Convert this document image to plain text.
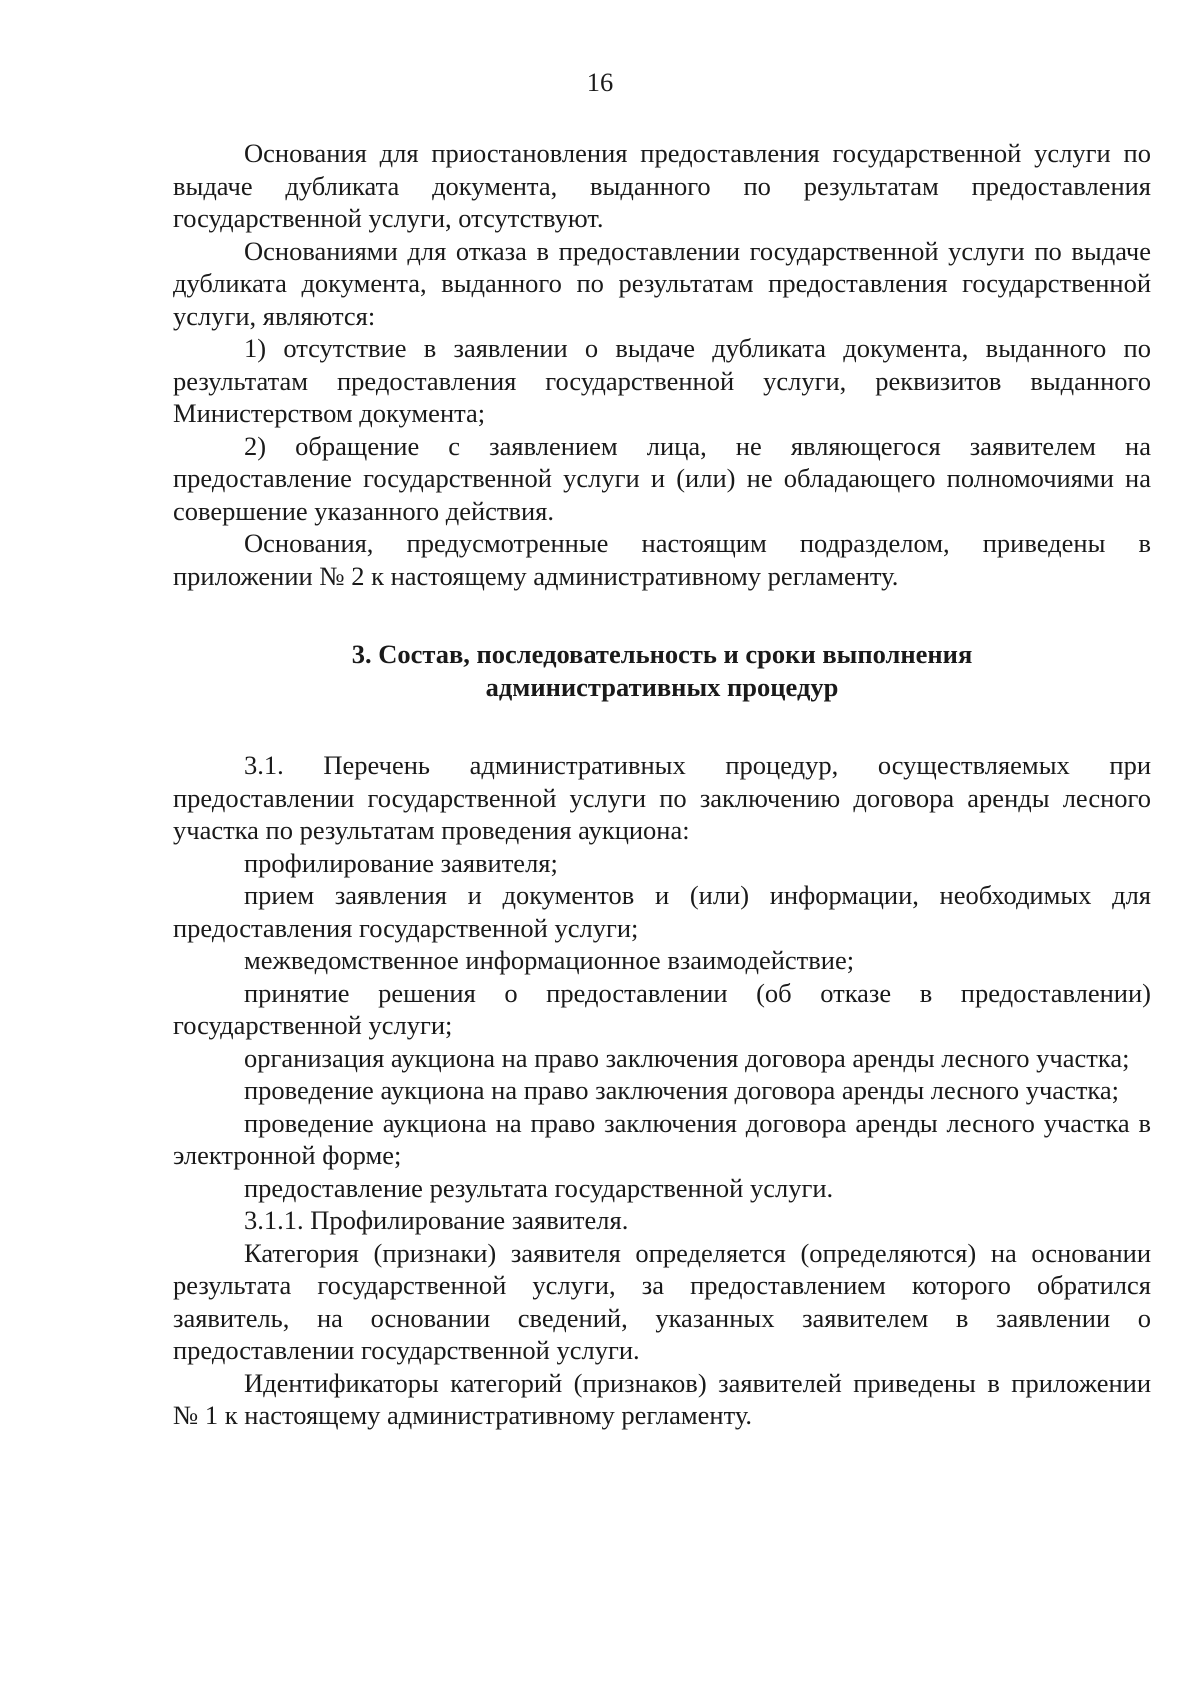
16

Основания для приостановления предоставления государственной услуги по выдаче дубликата документа, выданного по результатам предоставления государственной услуги, отсутствуют.

Основаниями для отказа в предоставлении государственной услуги по выдаче дубликата документа, выданного по результатам предоставления государственной услуги, являются:

1) отсутствие в заявлении о выдаче дубликата документа, выданного по результатам предоставления государственной услуги, реквизитов выданного Министерством документа;

2) обращение с заявлением лица, не являющегося заявителем на предоставление государственной услуги и (или) не обладающего полномочиями на совершение указанного действия.

Основания, предусмотренные настоящим подразделом, приведены в приложении № 2 к настоящему административному регламенту.

3. Состав, последовательность и сроки выполнения
административных процедур

3.1. Перечень административных процедур, осуществляемых при предоставлении государственной услуги по заключению договора аренды лесного участка по результатам проведения аукциона:

профилирование заявителя;

прием заявления и документов и (или) информации, необходимых для предоставления государственной услуги;

межведомственное информационное взаимодействие;

принятие решения о предоставлении (об отказе в предоставлении) государственной услуги;

организация аукциона на право заключения договора аренды лесного участка;

проведение аукциона на право заключения договора аренды лесного участка;

проведение аукциона на право заключения договора аренды лесного участка в электронной форме;

предоставление результата государственной услуги.

3.1.1. Профилирование заявителя.

Категория (признаки) заявителя определяется (определяются) на основании результата государственной услуги, за предоставлением которого обратился заявитель, на основании сведений, указанных заявителем в заявлении о предоставлении государственной услуги.

Идентификаторы категорий (признаков) заявителей приведены в приложении № 1 к настоящему административному регламенту.
